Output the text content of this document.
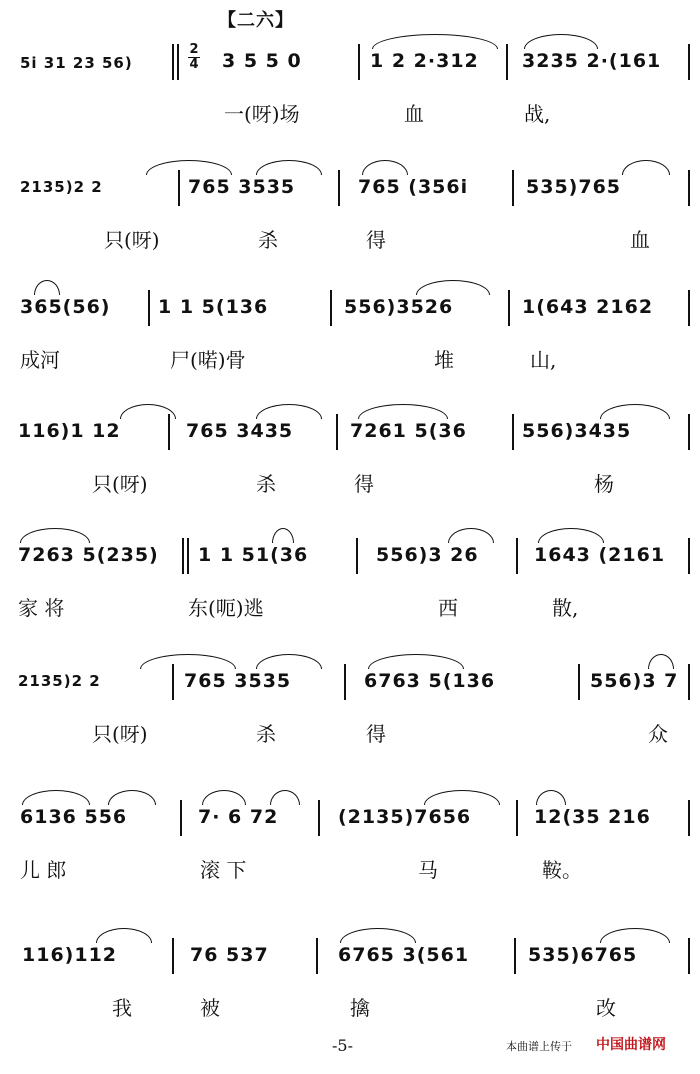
【二六】
5i 31 23 56)
2
4 3 5 5 0	1 2 2·312 3235 2·(161
一(呀)场	血	战,
2135)2 2	765 3535	765 (356i	535)765
只(呀)	杀	得	血
365(56)	1 1 5(136	556)3526	1(643 2162
成河	尸(喏)骨	堆	山,
116)1 12	765 3435	7261 5(36	556)3435
只(呀)	杀	得	杨
7263 5(235) 1 1 51(36	556)3 26	1643 (2161
家 将	东(呃)逃	西	散,
2135)2 2	765 3535	6763 5(136	556)3 7
只(呀)	杀	得	众
6136 556	7· 6 72	(2135)7656	12(35 216
儿 郎	滚 下	马	鞍。
116)112	76 537	6765 3(561	535)6765
我	被	擒	改
-5-	本曲谱上传于 中国曲谱网
